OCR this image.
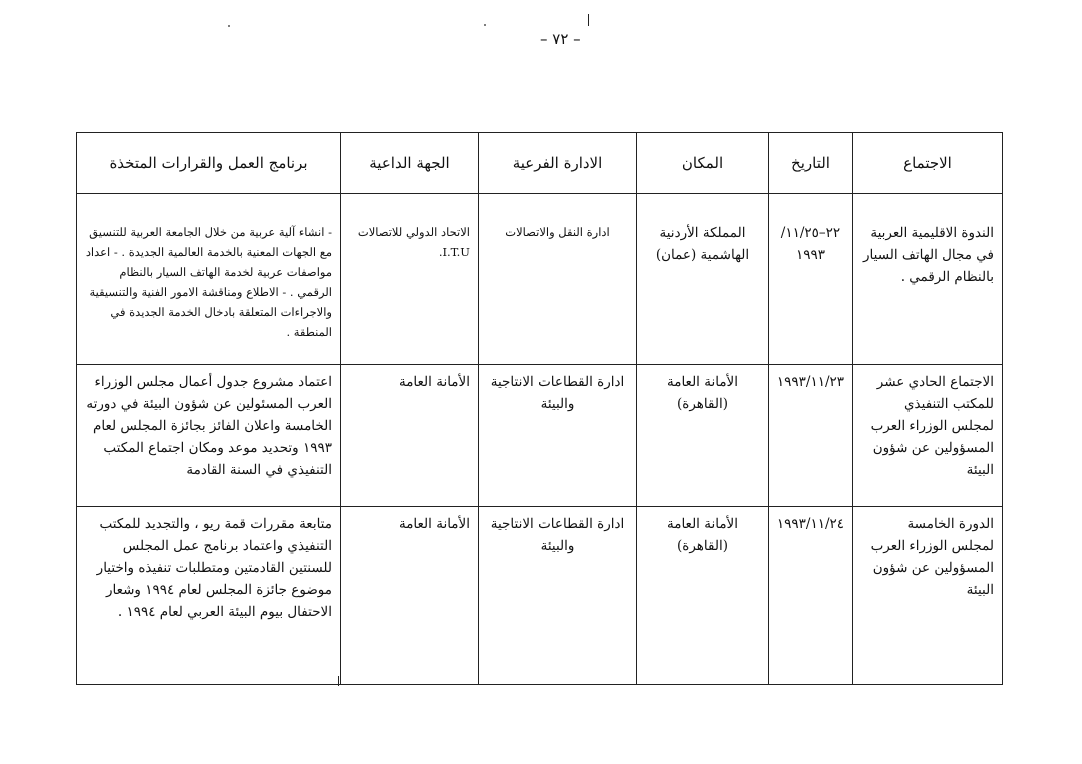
– ٧٢ –
الاجتماع	التاريخ	المكان	الادارة الفرعية	الجهة الداعية	برنامج العمل والقرارات المتخذة

الندوة الاقليمية العربية في مجال الهاتف السيار بالنظام الرقمي .	٢٢–١١/٢٥/ ١٩٩٣	المملكة الأردنية الهاشمية (عمان)	ادارة النقل والاتصالات	الاتحاد الدولي للاتصالات I.T.U.	- انشاء آلية عربية من خلال الجامعة العربية للتنسيق مع الجهات المعنية بالخدمة العالمية الجديدة . - اعداد مواصفات عربية لخدمة الهاتف السيار بالنظام الرقمي . - الاطلاع ومناقشة الامور الفنية والتنسيقية والاجراءات المتعلقة بادخال الخدمة الجديدة في المنطقة .
الاجتماع الحادي عشر للمكتب التنفيذي لمجلس الوزراء العرب المسؤولين عن شؤون البيئة	١٩٩٣/١١/٢٣	الأمانة العامة (القاهرة)	ادارة القطاعات الانتاجية والبيئة	الأمانة العامة	اعتماد مشروع جدول أعمال مجلس الوزراء العرب المسئولين عن شؤون البيئة في دورته الخامسة واعلان الفائز بجائزة المجلس لعام ١٩٩٣ وتحديد موعد ومكان اجتماع المكتب التنفيذي في السنة القادمة
الدورة الخامسة لمجلس الوزراء العرب المسؤولين عن شؤون البيئة	١٩٩٣/١١/٢٤	الأمانة العامة (القاهرة)	ادارة القطاعات الانتاجية والبيئة	الأمانة العامة	متابعة مقررات قمة ريو ، والتجديد للمكتب التنفيذي واعتماد برنامج عمل المجلس للسنتين القادمتين ومتطلبات تنفيذه واختيار موضوع جائزة المجلس لعام ١٩٩٤ وشعار الاحتفال بيوم البيئة العربي لعام ١٩٩٤ .
